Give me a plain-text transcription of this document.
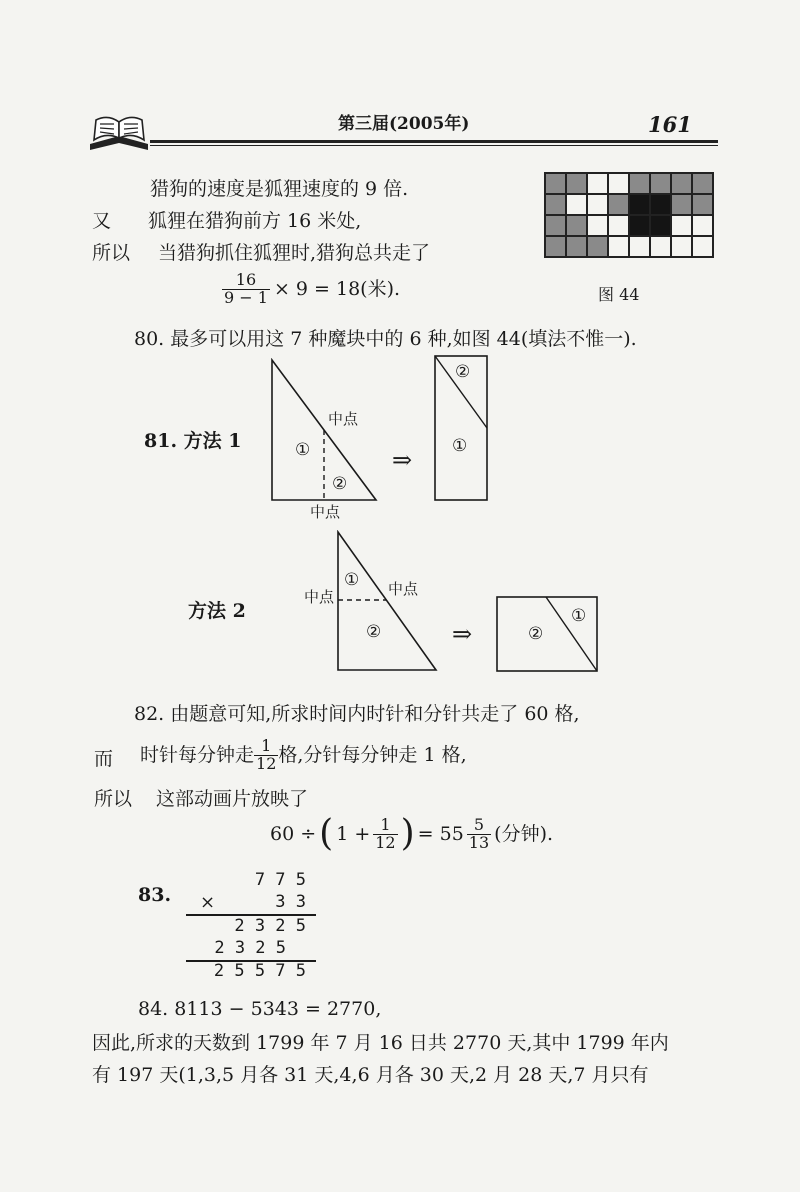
第三届(2005年)	161
猎狗的速度是狐狸速度的 9 倍.
又 狐狸在猎狗前方 16 米处,
所以 当猎狗抓住狐狸时,猎狗总共走了
$\frac{16}{9 - 1} \times 9 = 18$(米).	图 44
80. 最多可以用这 7 种魔块中的 6 种,如图 44(填法不惟一).
81. 方法 1
中点
①
②
中点
⇒
②
①
方法 2
①
中点	中点
②	⇒	②
①
82. 由题意可知,所求时间内时针和分针共走了 60 格,
而 时针每分钟走 $\frac{1}{12}$ 格,分针每分钟走 1 格,
所以 这部动画片放映了
60 ÷ ( $1 + \frac{1}{12}$ ) = $55 \frac{5}{13}$ (分钟).
83.
7 7 5
×	3 3
2 3 2 5
2 3 2 5
2 5 5 7 5
84. 8113 − 5343 = 2770,
因此,所求的天数到 1799 年 7 月 16 日共 2770 天,其中 1799 年内
有 197 天(1,3,5 月各 31 天,4,6 月各 30 天,2 月 28 天,7 月只有
